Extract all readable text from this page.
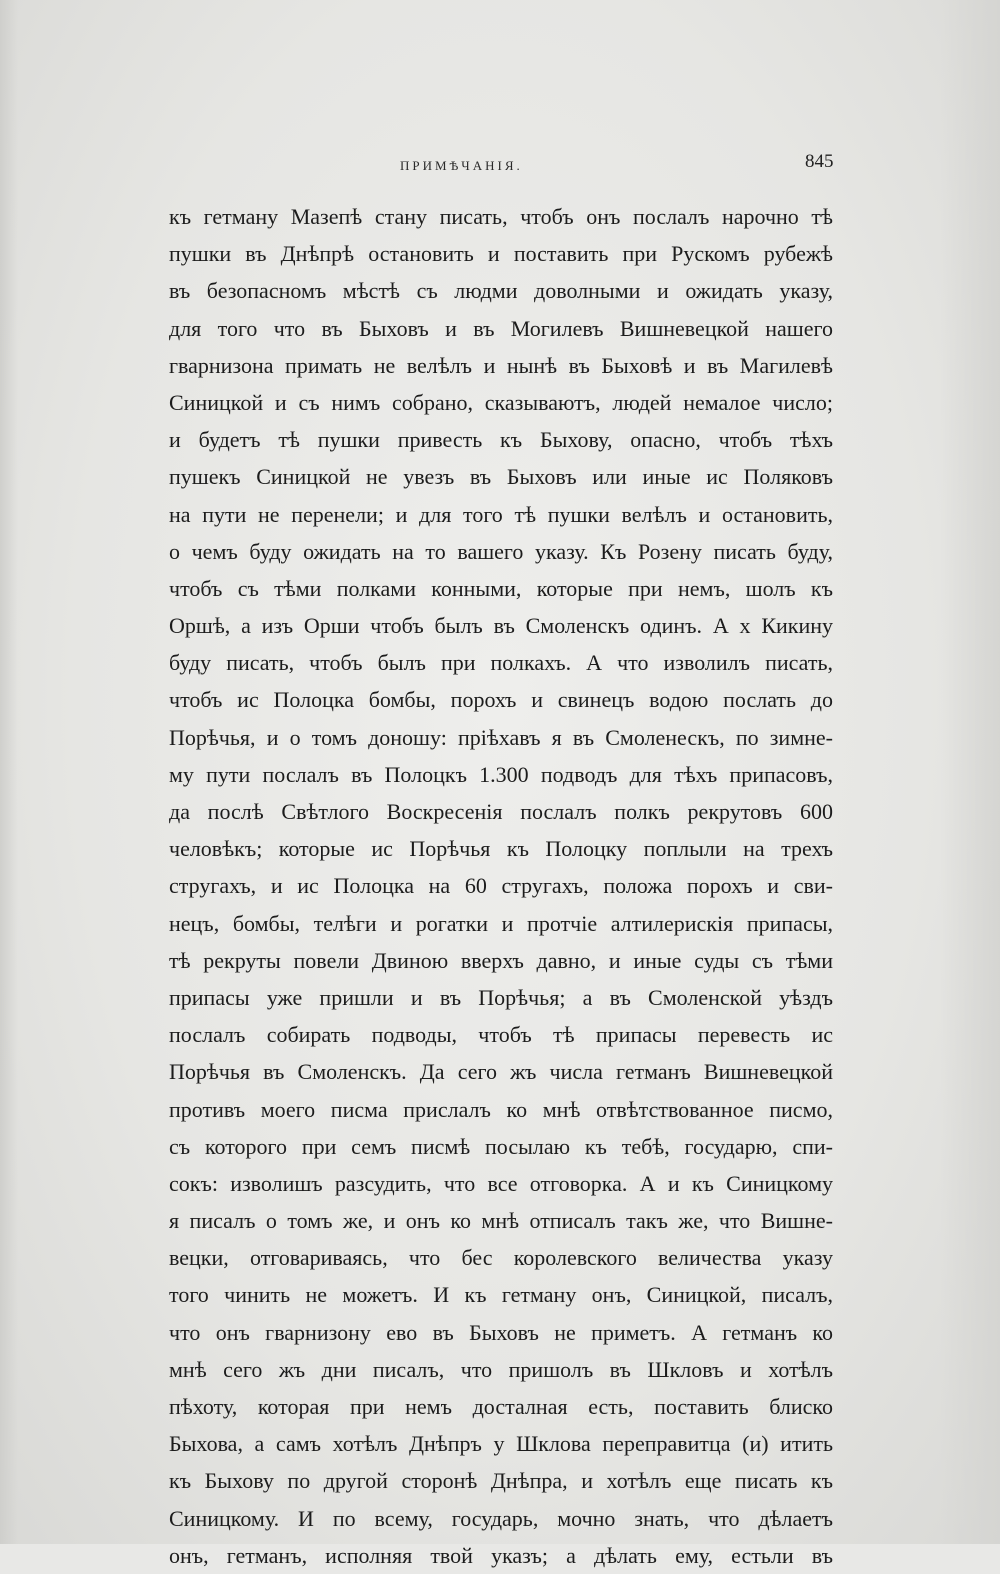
ПРИМѢЧАНІЯ.	845
къ гетману Мазепѣ стану писать, чтобъ онъ послалъ нарочно тѣ
пушки въ Днѣпрѣ остановить и поставить при Рускомъ рубежѣ
въ безопасномъ мѣстѣ съ людми доволными и ожидать указу,
для того что въ Быховъ и въ Могилевъ Вишневецкой нашего
гварнизона примать не велѣлъ и нынѣ въ Быховѣ и въ Магилевѣ
Синицкой и съ нимъ собрано, сказываютъ, людей немалое число;
и будетъ тѣ пушки привесть къ Быхову, опасно, чтобъ тѣхъ
пушекъ Синицкой не увезъ въ Быховъ или иные ис Поляковъ
на пути не перенели; и для того тѣ пушки велѣлъ и остановить,
о чемъ буду ожидать на то вашего указу. Къ Розену писать буду,
чтобъ съ тѣми полками конными, которые при немъ, шолъ къ
Оршѣ, а изъ Орши чтобъ былъ въ Смоленскъ одинъ. А х Кикину
буду писать, чтобъ былъ при полкахъ. А что изволилъ писать,
чтобъ ис Полоцка бомбы, порохъ и свинецъ водою послать до
Порѣчья, и о томъ доношу: пріѣхавъ я въ Смоленескъ, по зимне-
му пути послалъ въ Полоцкъ 1.300 подводъ для тѣхъ припасовъ,
да послѣ Свѣтлого Воскресенія послалъ полкъ рекрутовъ 600
человѣкъ; которые ис Порѣчья къ Полоцку поплыли на трехъ
стругахъ, и ис Полоцка на 60 стругахъ, положа порохъ и сви-
нецъ, бомбы, телѣги и рогатки и протчіе алтилерискія припасы,
тѣ рекруты повели Двиною вверхъ давно, и иные суды съ тѣми
припасы уже пришли и въ Порѣчья; а въ Смоленской уѣздъ
послалъ собирать подводы, чтобъ тѣ припасы перевесть ис
Порѣчья въ Смоленскъ. Да сего жъ числа гетманъ Вишневецкой
противъ моего писма прислалъ ко мнѣ отвѣтствованное писмо,
съ которого при семъ писмѣ посылаю къ тебѣ, государю, спи-
сокъ: изволишъ разсудить, что все отговорка. А и къ Синицкому
я писалъ о томъ же, и онъ ко мнѣ отписалъ такъ же, что Вишне-
вецки, отговариваясь, что бес королевского величества указу
того чинить не можетъ. И къ гетману онъ, Синицкой, писалъ,
что онъ гварнизону ево въ Быховъ не приметъ. А гетманъ ко
мнѣ сего жъ дни писалъ, что пришолъ въ Шкловъ и хотѣлъ
пѣхоту, которая при немъ досталная есть, поставить блиско
Быхова, а самъ хотѣлъ Днѣпръ у Шклова переправитца (и) итить
къ Быхову по другой сторонѣ Днѣпра, и хотѣлъ еще писать къ
Синицкому. И по всему, государь, мочно знать, что дѣлаетъ
онъ, гетманъ, исполняя твой указъ; а дѣлать ему, естьли въ
